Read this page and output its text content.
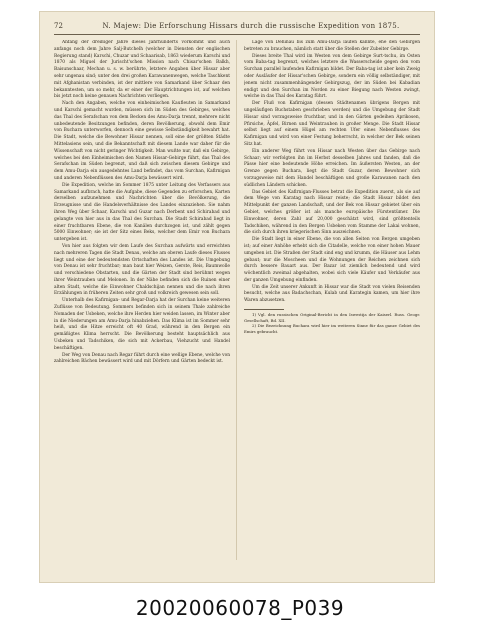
72	N. Majew: Die Erforschung Hissars durch die russische Expedition von 1875.

Anfang der dreißiger Jahre dieses Jahrhunderts vorkommt und auch anfangs noch dem Jahre Salj-Butchelh (welcher in Diensten der englischen Regierung stand) Karschi, Chuzar und Schaarisab, 1863 wiederum Karschi und 1870 als Miguel der Jurischt'schen Mission nach Chisar'schen Balkh, Baisunschaar, Mechan u. s. w. berührte, letztere Angaben über Hissar aber sehr ungenau sind; unter den drei großen Karawanenwegen, welche Taschkent mit Afghanistan verbinden, ist der mittlere von Samarkand über Schaar den bekanntesten, um so mehr, da er einer der Hauptrichtungen ist, auf welchen bis jetzt noch keine genauen Nachrichten vorliegen.

Nach den Angaben, welche von einheimischen Kaufleuten in Samarkand und Karschi gemacht wurden, müssen sich im Süden des Gebirges, welches das Thal des Serafschan von dem Becken des Amu-Darja trennt, mehrere nicht unbedeutende Besitzungen befinden, deren Bevölkerung, obwohl dem Emir von Buchara unterworfen, dennoch eine gewisse Selbständigkeit bewahrt hat. Die Stadt, welche die Bewohner Hissar nennen, soll eine der größten Städte Mittelasiens sein, und die Bekanntschaft mit diesem Lande war daher für die Wissenschaft von nicht geringer Wichtigkeit. Man wußte nur, daß ein Gebirge, welches bei den Einheimischen den Namen Hissar-Gebirge führt, das Thal des Serafschan im Süden begrenzt, und daß sich zwischen diesem Gebirge und dem Amu-Darja ein ausgedehntes Land befindet, das vom Surchan, Kafirnigan und anderen Nebenflüssen des Amu-Darja bewässert wird.

Die Expedition, welche im Sommer 1875 unter Leitung des Verfassers aus Samarkand aufbrach, hatte die Aufgabe, diese Gegenden zu erforschen, Karten derselben aufzunehmen und Nachrichten über die Bevölkerung, die Erzeugnisse und die Handelsverhältnisse des Landes einzuziehen. Sie nahm ihren Weg über Schaar, Karschi und Guzar nach Derbent und Schirabad und gelangte von hier aus in das Thal des Surchan. Die Stadt Schirabad liegt in einer fruchtbaren Ebene, die von Kanälen durchzogen ist, und zählt gegen 5000 Einwohner; sie ist der Sitz eines Beks, welcher dem Emir von Buchara untergeben ist.

Von hier aus folgten wir dem Laufe des Surchan aufwärts und erreichten nach mehreren Tagen die Stadt Denau, welche am oberen Laufe dieses Flusses liegt und eine der bedeutendsten Ortschaften des Landes ist. Die Umgebung von Denau ist sehr fruchtbar; man baut hier Weizen, Gerste, Reis, Baumwolle und verschiedene Obstarten, und die Gärten der Stadt sind berühmt wegen ihrer Weintrauben und Melonen. In der Nähe befinden sich die Ruinen einer alten Stadt, welche die Einwohner Chaldschijan nennen und die nach ihren Erzählungen in früheren Zeiten sehr groß und volkreich gewesen sein soll.

Unterhalb des Kafirnigan- und Regar-Darja hat der Surchan keine weiteren Zuflüsse von Bedeutung. Sommers befinden sich in seinem Thale zahlreiche Nomaden der Usbeken, welche ihre Herden hier weiden lassen, im Winter aber in die Niederungen am Amu-Darja hinabziehen. Das Klima ist im Sommer sehr heiß, und die Hitze erreicht oft 40 Grad, während in den Bergen ein gemäßigtes Klima herrscht. Die Bevölkerung besteht hauptsächlich aus Usbeken und Tadschiken, die sich mit Ackerbau, Viehzucht und Handel beschäftigen.

Der Weg von Denau nach Regar führt durch eine wellige Ebene, welche von zahlreichen Bächen bewässert wird und mit Dörfern und Gärten bedeckt ist.

Lage von Dehinau bis zum Amu-Darja laufen kannte, ehe den Gebirgen betreten zu brauchen, nämlich statt über die Stellen der Zubeiter Gebirge.

Dieses breite Thal wird im Westen von dem Gebirge Surt-tschu, im Osten vom Baba-tag begrenzt, welches letztere die Wasserscheide gegen den vom Surchan parallel laufenden Kafirnigan bildet. Der Baba-tag ist aber kein Zweig oder Ausläufer der Hissar'schen Gebirge, sondern ein völlig selbständiger, mit jenem nicht zusammenhängender Gebirgszug, der im Süden bei Kabadian endigt und den Surchan im Norden zu einer Biegung nach Westen zwingt, welche in das Thal des Karatag führt.

Der Fluß von Kafirnigan (dessen Städtenamen übrigens Bergen mit ungeläufigen Buchstaben geschrieben werden) und die Umgebung der Stadt Hissar sind vorzugsweise fruchtbar, und in den Gärten gedeihen Aprikosen, Pfirsiche, Äpfel, Birnen und Weintrauben in großer Menge. Die Stadt Hissar selbst liegt auf einem Hügel am rechten Ufer eines Nebenflusses des Kafirnigan und wird von einer Festung beherrscht, in welcher der Bek seinen Sitz hat.

Ein anderer Weg führt von Hissar nach Westen über das Gebirge nach Schaar; wir verfolgten ihn im Herbst desselben Jahres und fanden, daß die Pässe hier eine bedeutende Höhe erreichen. Im äußersten Westen, an der Grenze gegen Buchara, liegt die Stadt Guzar, deren Bewohner sich vorzugsweise mit dem Handel beschäftigen und große Karawanen nach den südlichen Ländern schicken.

Das Gebiet des Kafirnigan-Flusses betrat die Expedition zuerst, als sie auf dem Wege von Karatag nach Hissar reiste; die Stadt Hissar bildet den Mittelpunkt der ganzen Landschaft, und der Bek von Hissar gebietet über ein Gebiet, welches größer ist als manche europäische Fürstentümer. Die Einwohner, deren Zahl auf 20,000 geschätzt wird, sind größtenteils Tadschiken, während in den Bergen Usbeken vom Stamme der Lakai wohnen, die sich durch ihren kriegerischen Sinn auszeichnen.

Die Stadt liegt in einer Ebene, die von allen Seiten von Bergen umgeben ist; auf einer Anhöhe erhebt sich die Citadelle, welche von einer hohen Mauer umgeben ist. Die Straßen der Stadt sind eng und krumm, die Häuser aus Lehm gebaut; nur die Moscheen und die Wohnungen der Reichen zeichnen sich durch bessere Bauart aus. Der Bazar ist ziemlich bedeutend und wird wöchentlich zweimal abgehalten, wobei sich viele Käufer und Verkäufer aus der ganzen Umgebung einfinden.

Um die Zeit unserer Ankunft in Hissar war die Stadt von vielen Reisenden besucht, welche aus Badachschan, Kulab und Karategin kamen, um hier ihre Waren abzusetzen.

1) Vgl. den russischen Original-Bericht in den Iswestija der Kaiserl. Russ. Geogr. Gesellschaft, Bd. XII.

2) Die Bezeichnung Buchara wird hier im weiteren Sinne für das ganze Gebiet des Emirs gebraucht.

20020060078_P039
